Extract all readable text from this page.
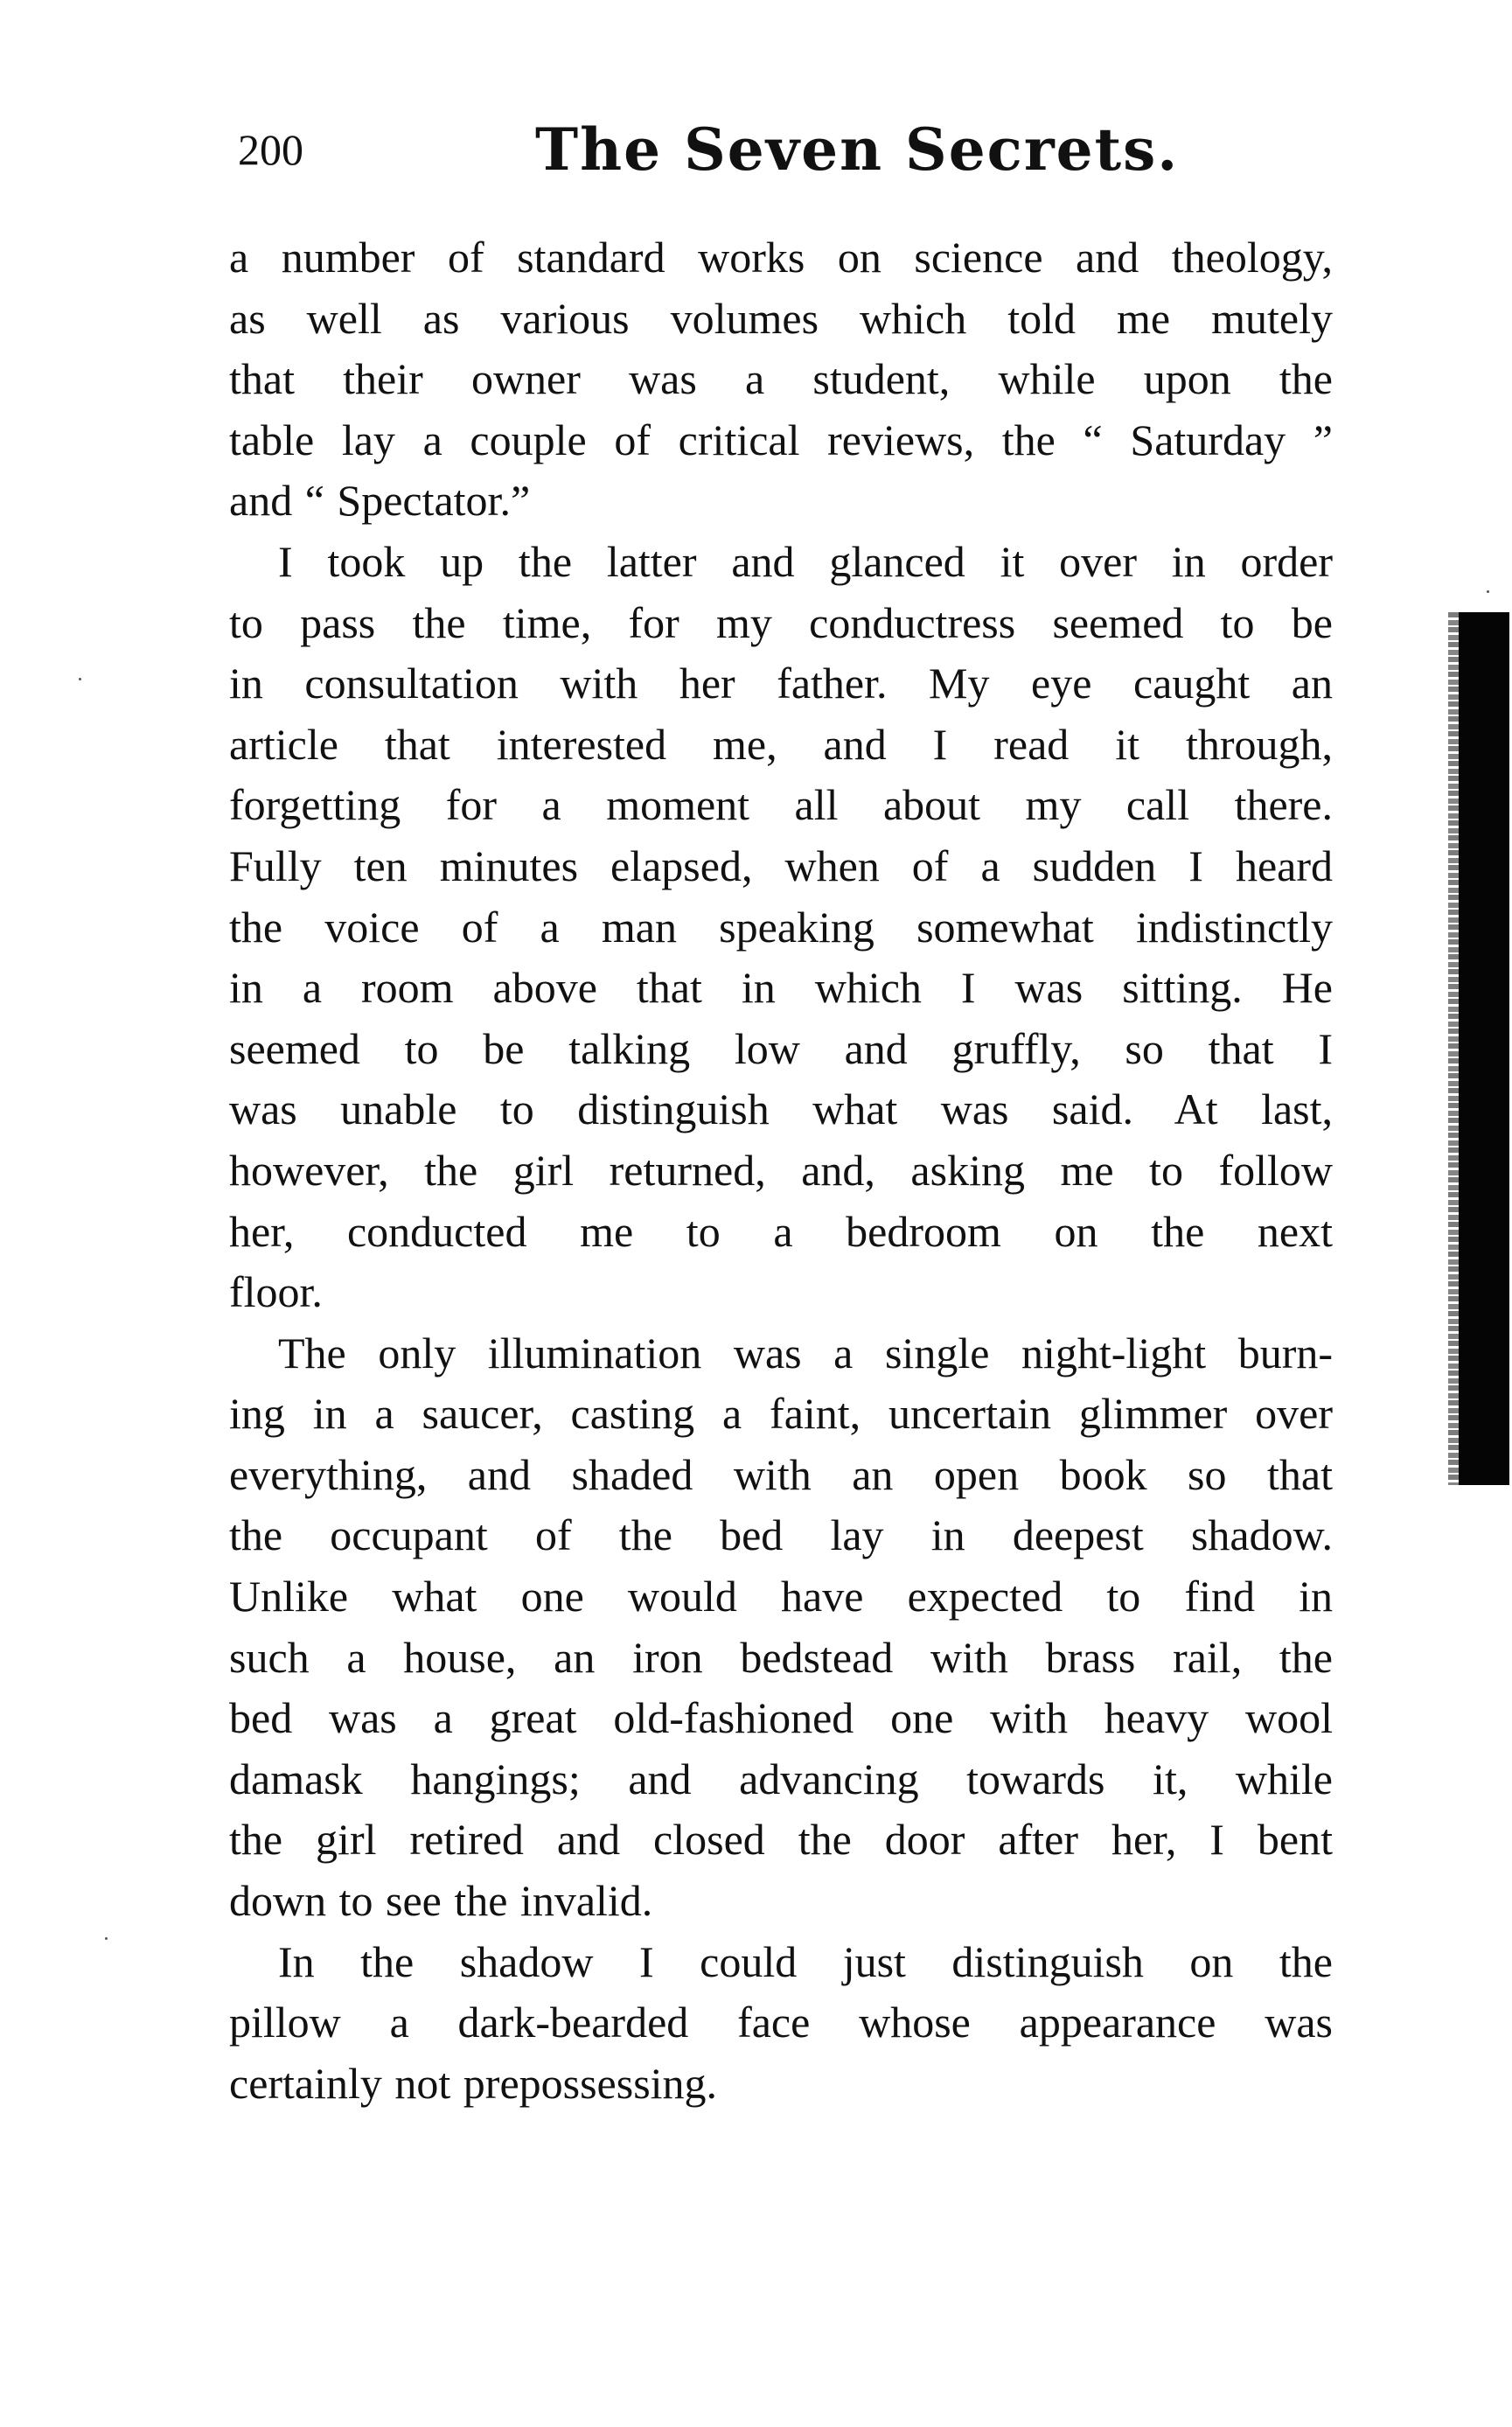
200	The Seven Secrets.

a number of standard works on science and theology,
as well as various volumes which told me mutely
that their owner was a student, while upon the
table lay a couple of critical reviews, the “ Saturday ”
and “ Spectator.”

I took up the latter and glanced it over in order
to pass the time, for my conductress seemed to be
in consultation with her father. My eye caught an
article that interested me, and I read it through,
forgetting for a moment all about my call there.
Fully ten minutes elapsed, when of a sudden I heard
the voice of a man speaking somewhat indistinctly
in a room above that in which I was sitting. He
seemed to be talking low and gruffly, so that I
was unable to distinguish what was said. At last,
however, the girl returned, and, asking me to follow
her, conducted me to a bedroom on the next
floor.

The only illumination was a single night-light burn-
ing in a saucer, casting a faint, uncertain glimmer over
everything, and shaded with an open book so that
the occupant of the bed lay in deepest shadow.
Unlike what one would have expected to find in
such a house, an iron bedstead with brass rail, the
bed was a great old-fashioned one with heavy wool
damask hangings; and advancing towards it, while
the girl retired and closed the door after her, I bent
down to see the invalid.

In the shadow I could just distinguish on the
pillow a dark-bearded face whose appearance was
certainly not prepossessing.
